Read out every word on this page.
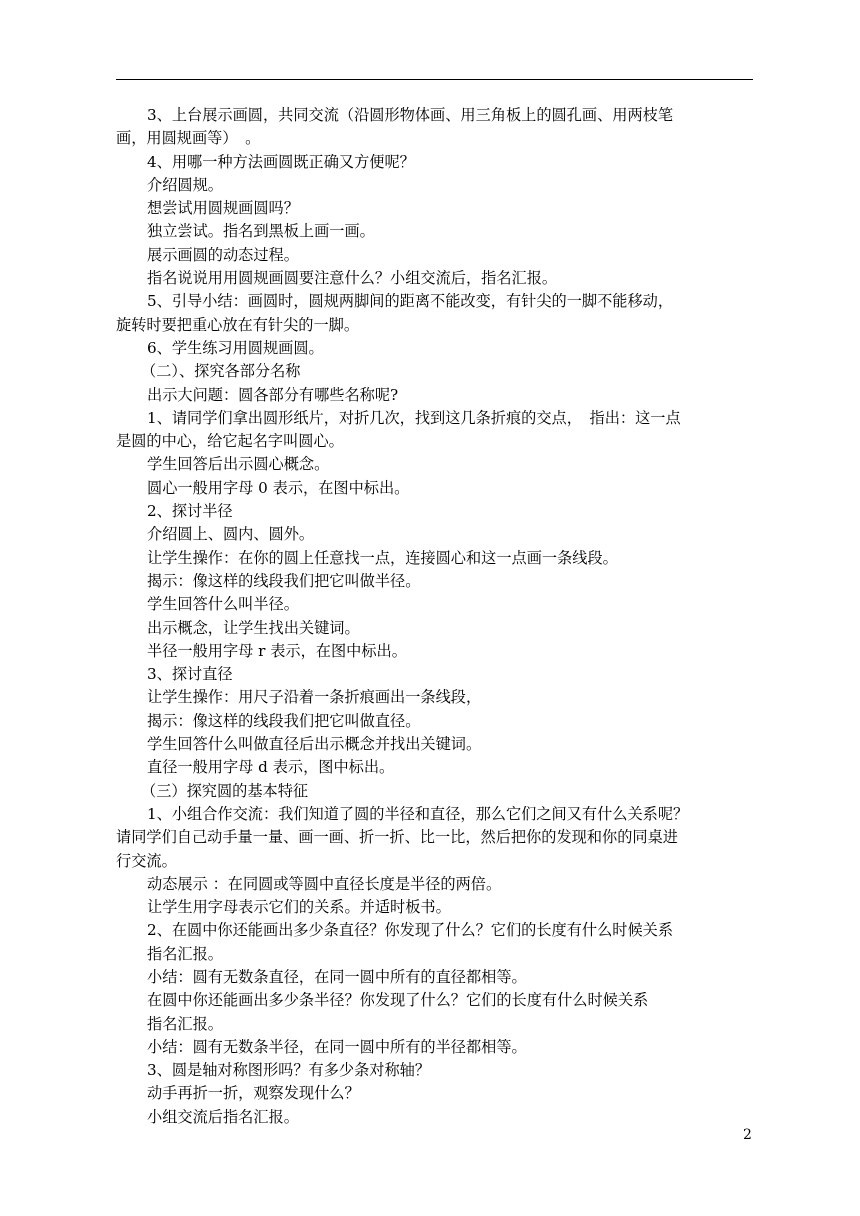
3、上台展示画圆，共同交流（沿圆形物体画、用三角板上的圆孔画、用两枝笔
画，用圆规画等）　。
4、用哪一种方法画圆既正确又方便呢？
介绍圆规。
想尝试用圆规画圆吗？
独立尝试。指名到黑板上画一画。
展示画圆的动态过程。
指名说说用用圆规画圆要注意什么？小组交流后，指名汇报。
5、引导小结：画圆时，圆规两脚间的距离不能改变，有针尖的一脚不能移动，
旋转时要把重心放在有针尖的一脚。
6、学生练习用圆规画圆。
（二）、探究各部分名称
出示大问题：圆各部分有哪些名称呢?
1、请同学们拿出圆形纸片，对折几次，找到这几条折痕的交点，　指出：这一点
是圆的中心，给它起名字叫圆心。
学生回答后出示圆心概念。
圆心一般用字母 0 表示，在图中标出。
2、探讨半径
介绍圆上、圆内、圆外。
让学生操作：在你的圆上任意找一点，连接圆心和这一点画一条线段。
揭示：像这样的线段我们把它叫做半径。
学生回答什么叫半径。
出示概念，让学生找出关键词。
半径一般用字母 r 表示，在图中标出。
3、探讨直径
让学生操作：用尺子沿着一条折痕画出一条线段，
揭示：像这样的线段我们把它叫做直径。
学生回答什么叫做直径后出示概念并找出关键词。
直径一般用字母 d 表示，图中标出。
（三）探究圆的基本特征
1、小组合作交流：我们知道了圆的半径和直径，那么它们之间又有什么关系呢？
请同学们自己动手量一量、画一画、折一折、比一比，然后把你的发现和你的同桌进
行交流。
动态展示 ：在同圆或等圆中直径长度是半径的两倍。
让学生用字母表示它们的关系。并适时板书。
2、在圆中你还能画出多少条直径？你发现了什么？它们的长度有什么时候关系
指名汇报。
小结：圆有无数条直径，在同一圆中所有的直径都相等。
在圆中你还能画出多少条半径？你发现了什么？它们的长度有什么时候关系
指名汇报。
小结：圆有无数条半径，在同一圆中所有的半径都相等。
3、圆是轴对称图形吗？有多少条对称轴？
动手再折一折，观察发现什么？
小组交流后指名汇报。
2
